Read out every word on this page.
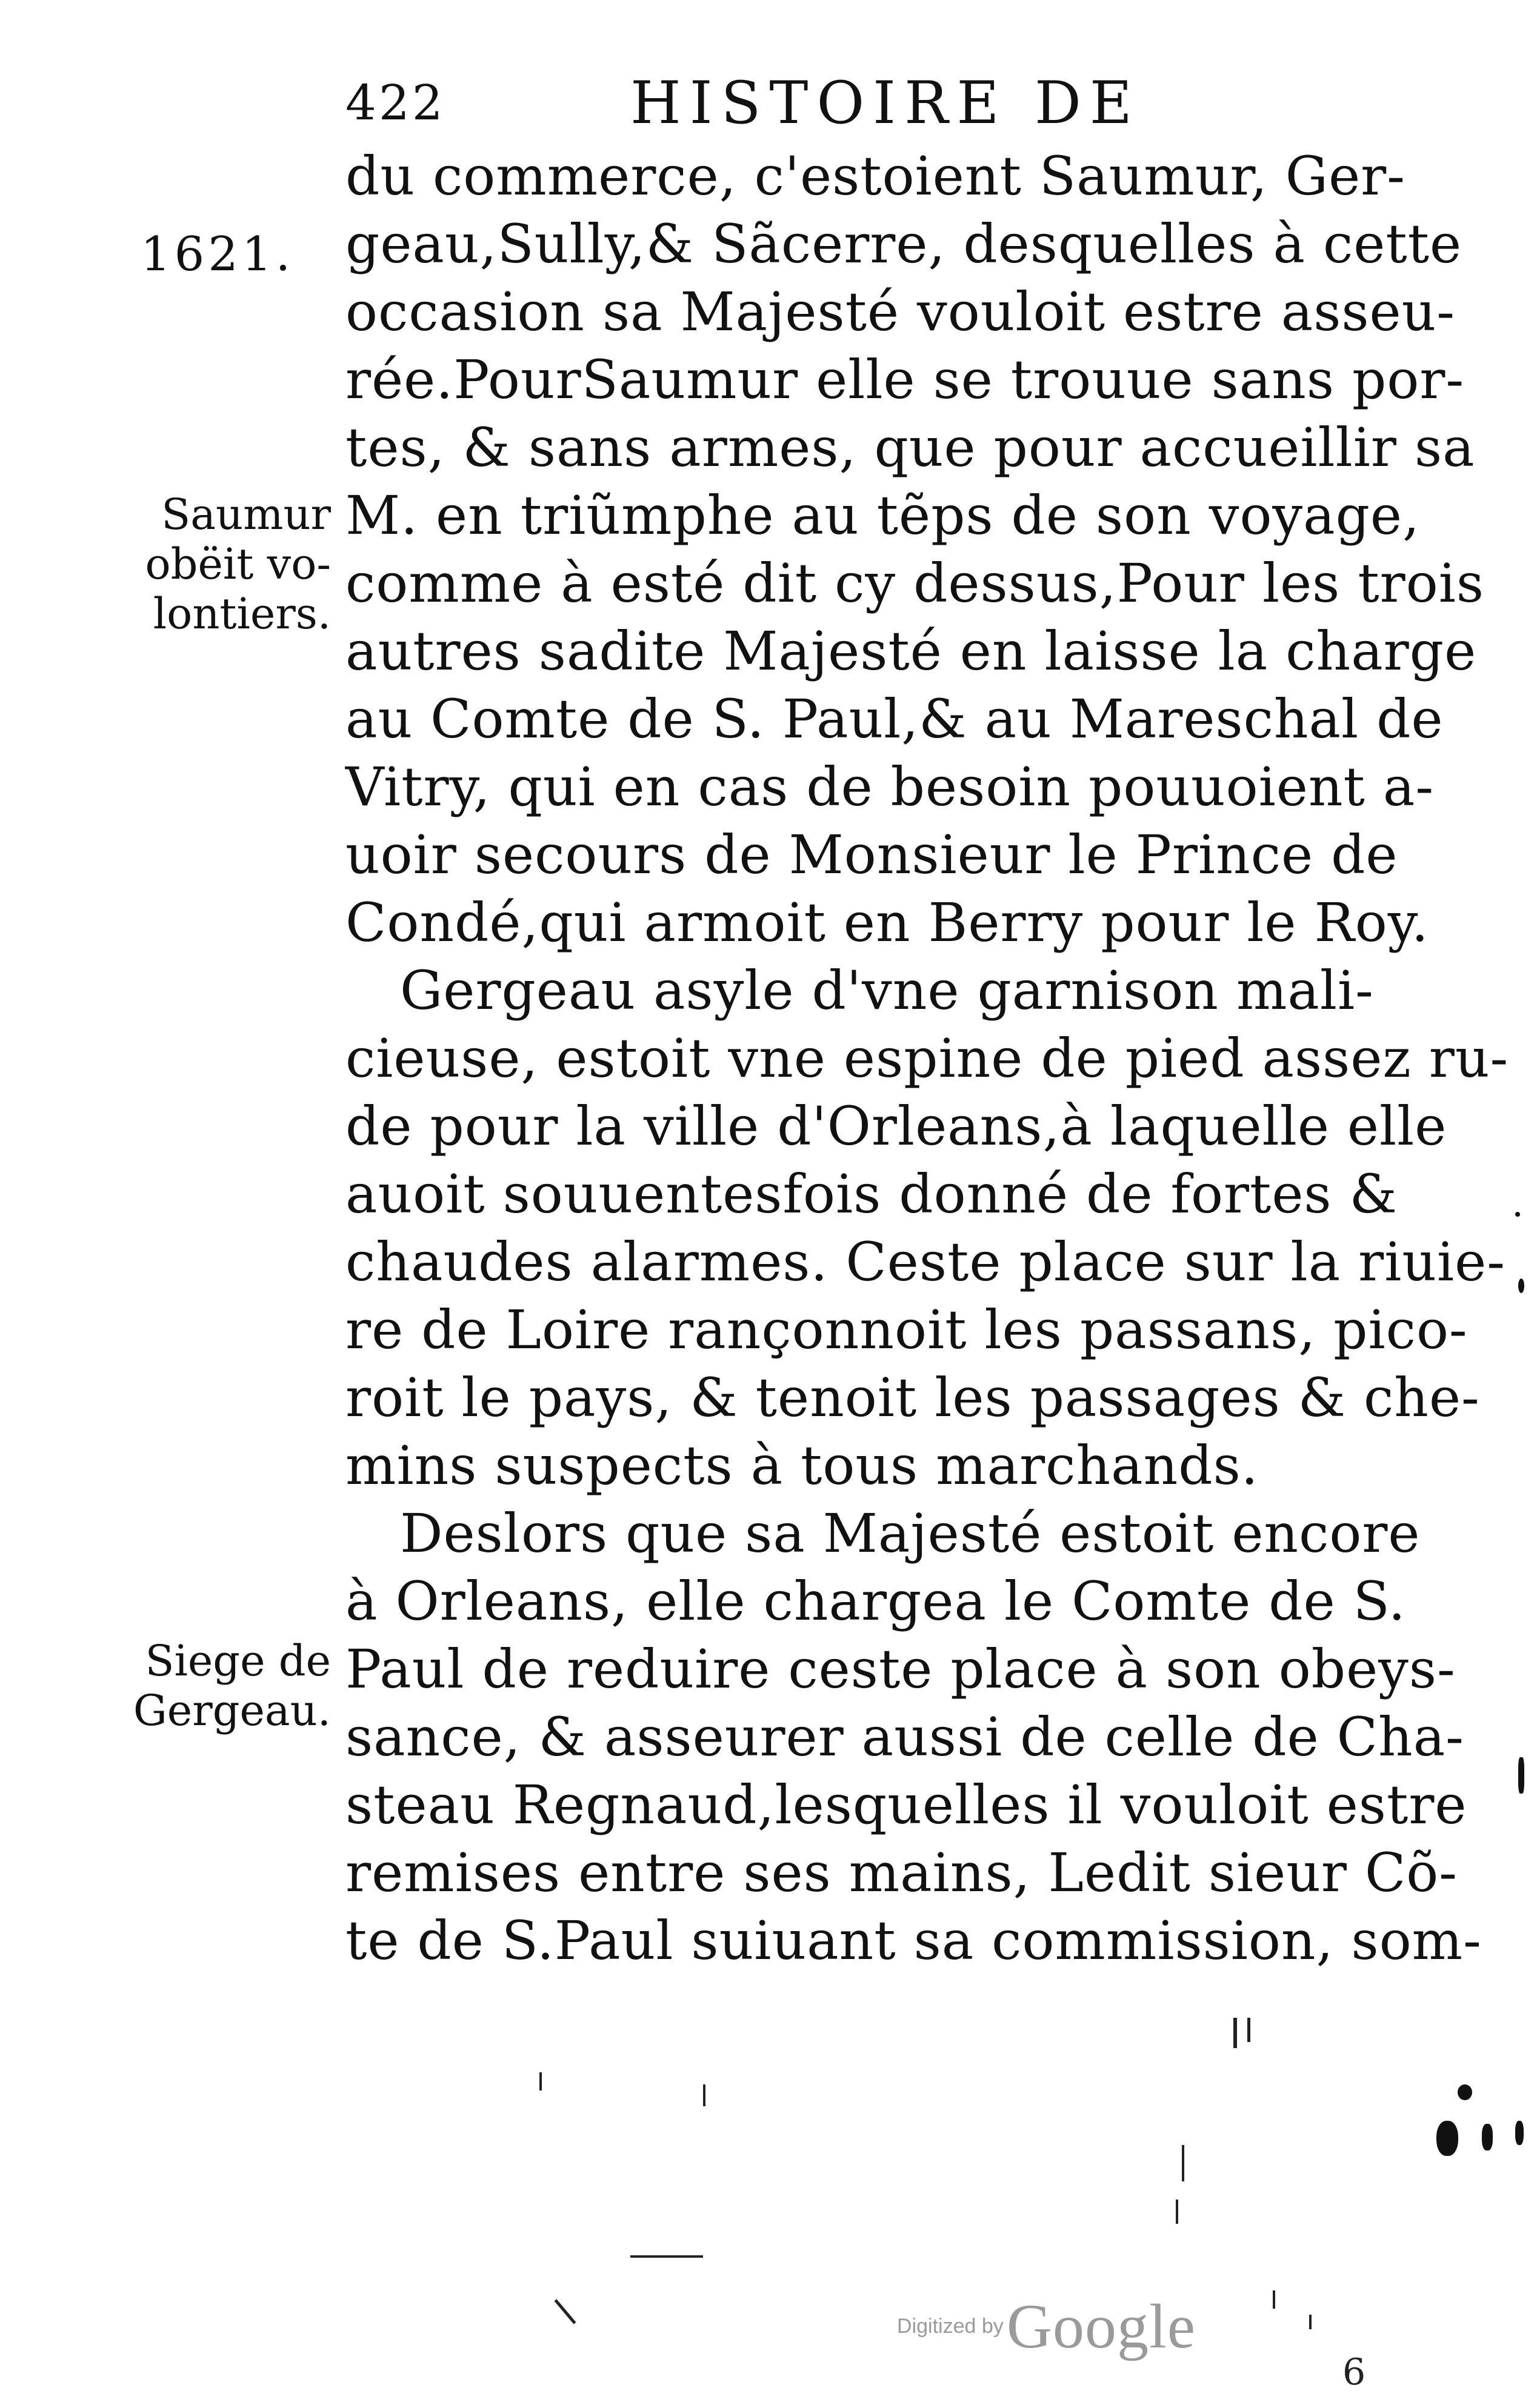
422	HISTOIRE DE
1621.
Saumur
obëit vo-
lontiers.
Siege de
Gergeau.
du commerce, c'estoient Saumur, Ger-
geau,Sully,& Sãcerre, desquelles à cette
occasion sa Majesté vouloit estre asseu-
rée.PourSaumur elle se trouue sans por-
tes, & sans armes, que pour accueillir sa
M. en triũmphe au tẽps de son voyage,
comme à esté dit cy dessus,Pour les trois
autres sadite Majesté en laisse la charge
au Comte de S. Paul,& au Mareschal de
Vitry, qui en cas de besoin pouuoient a-
uoir secours de Monsieur le Prince de
Condé,qui armoit en Berry pour le Roy.
Gergeau asyle d'vne garnison mali-
cieuse, estoit vne espine de pied assez ru-
de pour la ville d'Orleans,à laquelle elle
auoit souuentesfois donné de fortes &
chaudes alarmes. Ceste place sur la riuie-
re de Loire rançonnoit les passans, pico-
roit le pays, & tenoit les passages & che-
mins suspects à tous marchands.
Deslors que sa Majesté estoit encore
à Orleans, elle chargea le Comte de S.
Paul de reduire ceste place à son obeys-
sance, & asseurer aussi de celle de Cha-
steau Regnaud,lesquelles il vouloit estre
remises entre ses mains, Ledit sieur Cõ-
te de S.Paul suiuant sa commission, som-
Digitized by Google
6
